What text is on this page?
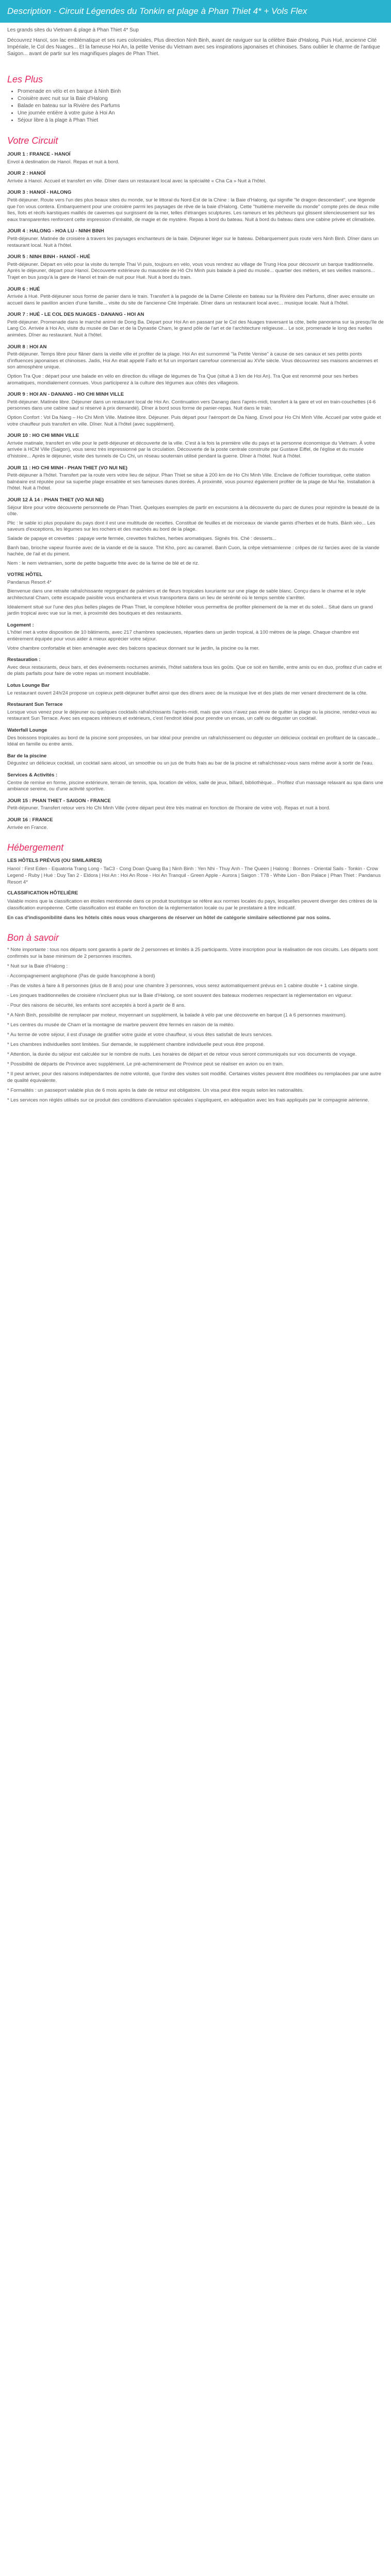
Description - Circuit Légendes du Tonkin et plage à Phan Thiet 4* + Vols Flex

Les grands sites du Vietnam & plage à Phan Thiet 4* Sup

Découvrez Hanoï, son lac emblématique et ses rues coloniales, Plus direction Ninh Binh, avant de naviguer sur la célèbre Baie d'Halong. Puis Hué, ancienne Cité Impériale, le Col des Nuages... Et la fameuse Hoi An, la petite Venise du Vietnam avec ses inspirations japonaises et chinoises. Sans oublier le charme de l'antique Saigon... avant de partir sur les magnifiques plages de Phan Thiet.

Les Plus
• Promenade en vélo et en barque à Ninh Binh
• Croisière avec nuit sur la Baie d'Halong
• Balade en bateau sur la Rivière des Parfums
• Une journée entière à votre guise à Hoi An
• Séjour libre à la plage à Phan Thiet
Votre Circuit
JOUR 1 : FRANCE - HANOÏ

Envol à destination de Hanoï. Repas et nuit à bord.

JOUR 2 : HANOÏ

Arrivée à Hanoï. Accueil et transfert en ville. Dîner dans un restaurant local avec la spécialité « Cha Ca » Nuit à l'hôtel.

JOUR 3 : HANOÏ - HALONG

Petit-déjeuner. Route vers l'un des plus beaux sites du monde, sur le littoral du Nord-Est de la Chine : la Baie d'Halong, qui signifie "le dragon descendant", une légende que l'on vous contera. Embarquement pour une croisière parmi les paysages de rêve de la baie d'Halong. Cette "huitième merveille du monde" compte près de deux mille îles, îlots et récifs karstiques maillés de cavernes qui surgissent de la mer, telles d'étranges sculptures. Les rameurs et les pêcheurs qui glissent silencieusement sur les eaux transparentes renforcent cette impression d'irréalité, de magie et de mystère. Repas à bord du bateau. Nuit à bord du bateau dans une cabine privée et climatisée.

JOUR 4 : HALONG - HOA LU - NINH BINH

Petit-déjeuner. Matinée de croisière à travers les paysages enchanteurs de la baie. Déjeuner léger sur le bateau. Débarquement puis route vers Ninh Binh. Dîner dans un restaurant local. Nuit à l'hôtel.

JOUR 5 : NINH BINH - HANOÏ - HUÉ

Petit-déjeuner. Départ en vélo pour la visite du temple Thai Vi puis, toujours en vélo, vous vous rendrez au village de Trung Hoa pour découvrir un barque traditionnelle. Après le déjeuner, départ pour Hanoï. Découverte extérieure du mausolée de Hô Chi Minh puis balade à pied du musée... quartier des métiers, et ses vieilles maisons... Trajet en bus jusqu'à la gare de Hanoï et train de nuit pour Hué. Nuit à bord du train.

JOUR 6 : HUÉ

Arrivée à Hué. Petit-déjeuner sous forme de panier dans le train. Transfert à la pagode de la Dame Céleste en bateau sur la Rivière des Parfums, dîner avec ensuite un accueil dans le pavillon ancien d'une famille... visite du site de l'ancienne Cité Impériale. Dîner dans un restaurant local avec... musique locale. Nuit à l'hôtel.

JOUR 7 : HUÉ - LE COL DES NUAGES - DANANG - HOI AN

Petit-déjeuner. Promenade dans le marché animé de Dong Ba. Départ pour Hoi An en passant par le Col des Nuages traversant la côte, belle panorama sur la presqu'île de Lang Co. Arrivée à Hoi An, visite du musée de Dan et de la Dynastie Cham, le grand pôle de l'art et de l'architecture religieuse... Le soir, promenade le long des ruelles animées. Dîner au restaurant. Nuit à l'hôtel.

JOUR 8 : HOI AN

Petit-déjeuner. Temps libre pour flâner dans la vieille ville et profiter de la plage. Hoi An est surnommé "la Petite Venise" à cause de ses canaux et ses petits ponts d'influences japonaises et chinoises. Jadis, Hoi An était appelé Faifo et fut un important carrefour commercial au XVIe siècle. Vous découvrirez ses maisons anciennes et son atmosphère unique.

Option Tra Que : départ pour une balade en vélo en direction du village de légumes de Tra Que (situé à 3 km de Hoi An). Tra Que est renommé pour ses herbes aromatiques, mondialement connues. Vous participerez à la culture des légumes aux côtés des villageois.

JOUR 9 : HOI AN - DANANG - HO CHI MINH VILLE

Petit-déjeuner. Matinée libre. Déjeuner dans un restaurant local de Hoi An. Continuation vers Danang dans l'après-midi, transfert à la gare et vol en train-couchettes (4-6 personnes dans une cabine sauf si réservé à prix demandé). Dîner à bord sous forme de panier-repas. Nuit dans le train.

Option Confort : Vol Da Nang – Ho Chi Minh Ville. Matinée libre. Déjeuner. Puis départ pour l'aéroport de Da Nang. Envol pour Ho Chi Minh Ville. Accueil par votre guide et votre chauffeur puis transfert en ville. Dîner. Nuit à l'hôtel (avec supplément).

JOUR 10 : HO CHI MINH VILLE

Arrivée matinale, transfert en ville pour le petit-déjeuner et découverte de la ville. C'est à la fois la première ville du pays et la personne économique du Vietnam. À votre arrivée à HCM Ville (Saigon), vous serez très impressionné par la circulation. Découverte de la poste centrale construite par Gustave Eiffel, de l'église et du musée d'histoire... Après le déjeuner, visite des tunnels de Cu Chi, un réseau souterrain utilisé pendant la guerre. Dîner à l'hôtel. Nuit à l'hôtel.

JOUR 11 : HO CHI MINH - PHAN THIET (VO NUI NE)

Petit-déjeuner à l'hôtel. Transfert par la route vers votre lieu de séjour. Phan Thiet se situe à 200 km de Ho Chi Minh Ville. Enclave de l'officier touristique, cette station balnéaire est réputée pour sa superbe plage ensablée et ses fameuses dunes dorées. À proximité, vous pourrez également profiter de la plage de Mui Ne. Installation à l'hôtel. Nuit à l'hôtel.

JOUR 12 À 14 : PHAN THIET (VO NUI NE)

Séjour libre pour votre découverte personnelle de Phan Thiet. Quelques exemples de partir en excursions à la découverte du parc de dunes pour rejoindre la beauté de la côte.

Plic : le sable ici plus populaire du pays dont il est une multitude de recettes. Constitué de feuilles et de morceaux de viande garnis d'herbes et de fruits. Bánh xèo... Les saveurs d'exceptions, les légumes sur les rochers et des marchés au bord de la plage.

Salade de papaye et crevettes : papaye verte fermée, crevettes fraîches, herbes aromatiques. Signés fris. Chè : desserts...

Banh bao, brioche vapeur fourrée avec de la viande et de la sauce. Thit Kho, porc au caramel. Banh Cuon, la crêpe vietnamienne : crêpes de riz farcies avec de la viande hachée, de l'ail et du piment.

Nem : le nem vietnamien, sorte de petite baguette frite avec de la farine de blé et de riz.

VOTRE HÔTEL

Pandanus Resort 4*

Bienvenue dans une retraite rafraîchissante regorgeant de palmiers et de fleurs tropicales luxuriante sur une plage de sable blanc. Conçu dans le charme et le style architectural Cham, cette escapade paisible vous enchantera et vous transportera dans un lieu de sérénité où le temps semble s'arrêter.

Idéalement situé sur l'une des plus belles plages de Phan Thiet, le complexe hôtelier vous permettra de profiter pleinement de la mer et du soleil... Situé dans un grand jardin tropical avec vue sur la mer, à proximité des boutiques et des restaurants.

Logement :

L'hôtel met à votre disposition de 10 bâtiments, avec 217 chambres spacieuses, réparties dans un jardin tropical, à 100 mètres de la plage. Chaque chambre est entièrement équipée pour vous aider à mieux apprécier votre séjour.

Votre chambre confortable et bien aménagée avec des balcons spacieux donnant sur le jardin, la piscine ou la mer.

Restauration :

Avec deux restaurants, deux bars, et des événements nocturnes animés, l'hôtel satisfera tous les goûts. Que ce soit en famille, entre amis ou en duo, profitez d'un cadre et de plats parfaits pour faire de votre repas un moment inoubliable.

Lotus Lounge Bar

Le restaurant ouvert 24h/24 propose un copieux petit-déjeuner buffet ainsi que des dîners avec de la musique live et des plats de mer venant directement de la côte.

Restaurant Sun Terrace

Lorsque vous venez pour le déjeuner ou quelques cocktails rafraîchissants l'après-midi, mais que vous n'avez pas envie de quitter la plage ou la piscine, rendez-vous au restaurant Sun Terrace. Avec ses espaces intérieurs et extérieurs, c'est l'endroit idéal pour prendre un encas, un café ou déguster un cocktail.

Waterfall Lounge

Des boissons tropicales au bord de la piscine sont proposées, un bar idéal pour prendre un rafraîchissement ou déguster un délicieux cocktail en profitant de la cascade... Idéal en famille ou entre amis.

Bar de la piscine

Dégustez un délicieux cocktail, un cocktail sans alcool, un smoothie ou un jus de fruits frais au bar de la piscine et rafraîchissez-vous sans même avoir à sortir de l'eau.

Services & Activités :

Centre de remise en forme, piscine extérieure, terrain de tennis, spa, location de vélos, salle de jeux, billard, bibliothèque... Profitez d'un massage relaxant au spa dans une ambiance sereine, ou d'une activité sportive.

JOUR 15 : PHAN THIET - SAIGON - FRANCE

Petit-déjeuner. Transfert retour vers Ho Chi Minh Ville (votre départ peut être très matinal en fonction de l'horaire de votre vol). Repas et nuit à bord.

JOUR 16 : FRANCE

Arrivée en France.

Hébergement
LES HÔTELS PRÉVUS (OU SIMILAIRES)

Hanoï : First Eden - Equatoria Trang Long - TaC3 - Cong Doan Quang Ba | Ninh Binh : Yen Nhi - Thuy Anh - The Queen | Halong : Bonnes - Oriental Sails - Tonkin - Crow Legend - Ruby | Hué : Duy Tan 2 - Eldora | Hoi An : Hoi An Rose - Hoi An Tranquil - Green Apple - Aurora | Saigon : T78 - White Lion - Bon Palace | Phan Thiet : Pandanus Resort 4*

CLASSIFICATION HÔTELIÈRE

Valable moins que la classification en étoiles mentionnée dans ce produit touristique se réfère aux normes locales du pays, lesquelles peuvent diverger des critères de la classification européenne. Cette classification est établie en fonction de la réglementation locale ou par le prestataire à titre indicatif.

En cas d'indisponibilité dans les hôtels cités nous vous chargerons de réserver un hôtel de catégorie similaire sélectionné par nos soins.

Bon à savoir

* Note importante : tous nos départs sont garantis à partir de 2 personnes et limités à 25 participants. Votre inscription pour la réalisation de nos circuits. Les départs sont confirmés sur la base minimum de 2 personnes inscrites.

* Nuit sur la Baie d'Halong :

- Accompagnement anglophone (Pas de guide francophone à bord)

- Pas de visites à faire à 8 personnes (plus de 8 ans) pour une chambre 3 personnes, vous serez automatiquement prévus en 1 cabine double + 1 cabine single.

- Les jonques traditionnelles de croisière n'incluent plus sur la Baie d'Halong, ce sont souvent des bateaux modernes respectant la réglementation en vigueur.

- Pour des raisons de sécurité, les enfants sont acceptés à bord à partir de 8 ans.

* A Ninh Binh, possibilité de remplacer par moteur, moyennant un supplément, la balade à vélo par une découverte en barque (1 à 6 personnes maximum).

* Les centres du musée de Cham et la montagne de marbre peuvent être fermés en raison de la météo.

* Au terme de votre séjour, il est d'usage de gratifier votre guide et votre chauffeur, si vous êtes satisfait de leurs services.

* Les chambres individuelles sont limitées. Sur demande, le supplément chambre individuelle peut vous être proposé.

* Attention, la durée du séjour est calculée sur le nombre de nuits. Les horaires de départ et de retour vous seront communiqués sur vos documents de voyage.

* Possibilité de départs de Province avec supplément. Le pré-acheminement de Province peut se réaliser en avion ou en train.

* Il peut arriver, pour des raisons indépendantes de notre volonté, que l'ordre des visites soit modifié. Certaines visites peuvent être modifiées ou remplacées par une autre de qualité équivalente.

* Formalités : un passeport valable plus de 6 mois après la date de retour est obligatoire. Un visa peut être requis selon les nationalités.

* Les services non réglés utilisés sur ce produit des conditions d'annulation spéciales s'appliquent, en adéquation avec les frais appliqués par le compagnie aérienne.
